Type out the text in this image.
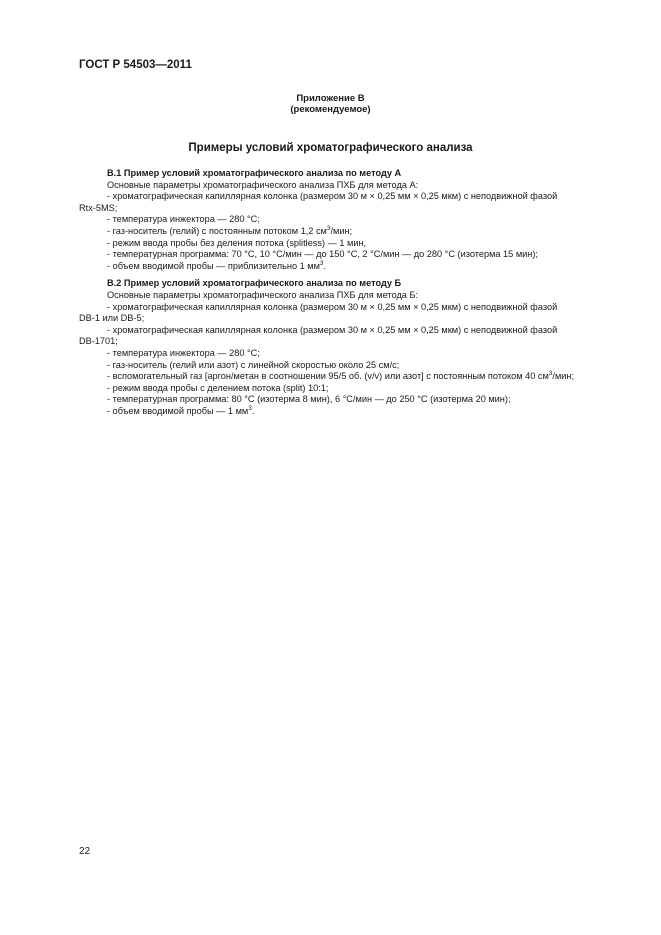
ГОСТ Р 54503—2011
Приложение В
(рекомендуемое)
Примеры условий хроматографического анализа

В.1 Пример условий хроматографического анализа по методу А

Основные параметры хроматографического анализа ПХБ для метода А:

- хроматографическая капиллярная колонка (размером 30 м × 0,25 мм × 0,25 мкм) с неподвижной фазой

Rtx-5MS;

- температура инжектора — 280 °С;

- газ-носитель (гелий) с постоянным потоком 1,2 $см^3$/мин;

- режим ввода пробы без деления потока (splitless) — 1 мин,

- температурная программа: 70 °С, 10 °С/мин — до 150 °С, 2 °С/мин — до 280 °С (изотерма 15 мин);

- объем вводимой пробы — приблизительно 1 $мм^3$.

В.2 Пример условий хроматографического анализа по методу Б

Основные параметры хроматографического анализа ПХБ для метода Б:

- хроматографическая капиллярная колонка (размером 30 м × 0,25 мм × 0,25 мкм) с неподвижной фазой

DB-1 или DB-5;

- хроматографическая капиллярная колонка (размером 30 м × 0,25 мм × 0,25 мкм) с неподвижной фазой

DB-1701;

- температура инжектора — 280 °С;

- газ-носитель (гелий или азот) с линейной скоростью около 25 см/с;

- вспомогательный газ [аргон/метан в соотношении 95/5 об. (v/v) или азот] с постоянным потоком 40 $см^3$/мин;

- режим ввода пробы с делением потока (split) 10:1;

- температурная программа: 80 °С (изотерма 8 мин), 6 °С/мин — до 250 °С (изотерма 20 мин);

- объем вводимой пробы — 1 $мм^3$.

22
